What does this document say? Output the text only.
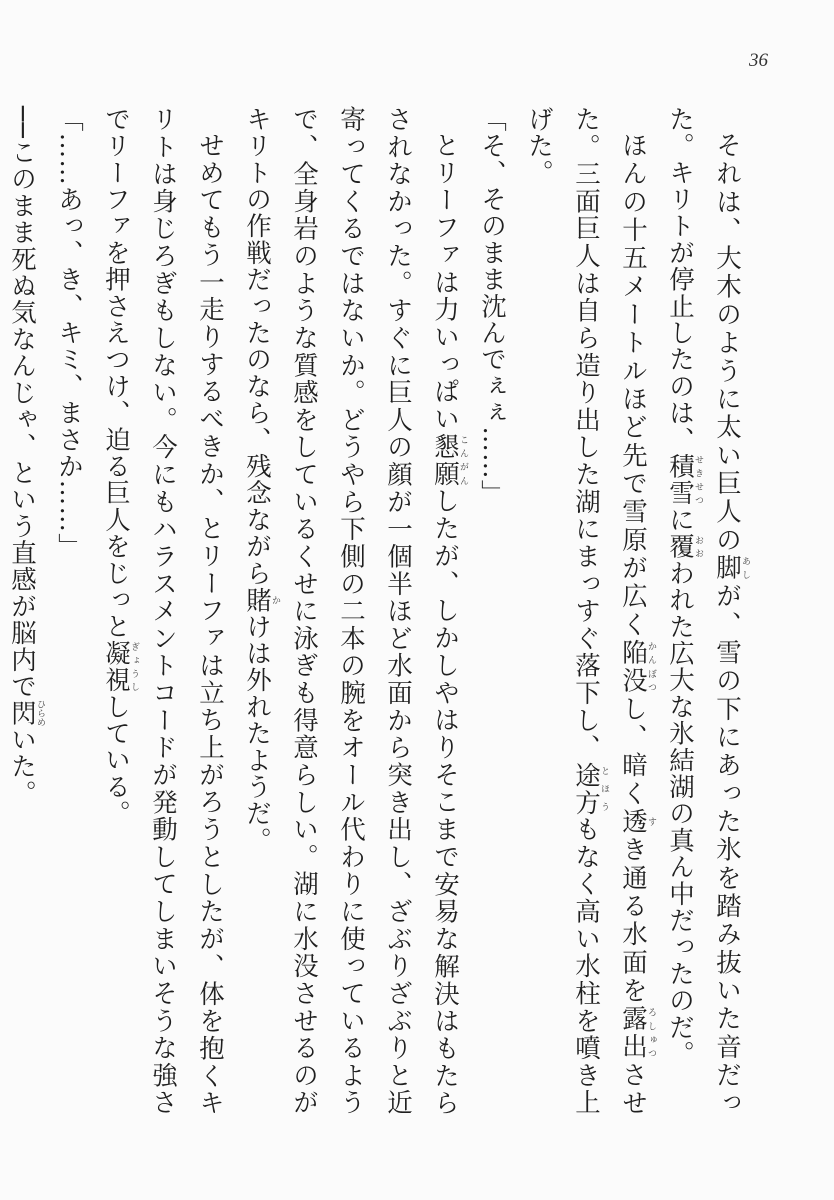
36

それは、大木のように太い巨人の脚あしが、雪の下にあった氷を踏み抜いた音だった。キリトが停止したのは、積雪せきせつに覆おおわれた広大な氷結湖の真ん中だったのだ。

ほんの十五メートルほど先で雪原が広く陥没かんぼつし、暗く透すき通る水面を露出ろしゅつさせた。三面巨人は自ら造り出した湖にまっすぐ落下し、途方とほうもなく高い水柱を噴き上げた。

「そ、そのまま沈んでぇぇ……」

とリーファは力いっぱい懇願こんがんしたが、しかしやはりそこまで安易な解決はもたらされなかった。すぐに巨人の顔が一個半ほど水面から突き出し、ざぶりざぶりと近寄ってくるではないか。どうやら下側の二本の腕をオール代わりに使っているようで、全身岩のような質感をしているくせに泳ぎも得意らしい。湖に水没させるのがキリトの作戦だったのなら、残念ながら賭かけは外れたようだ。

せめてもう一走りするべきか、とリーファは立ち上がろうとしたが、体を抱くキリトは身じろぎもしない。今にもハラスメントコードが発動してしまいそうな強さでリーファを押さえつけ、迫る巨人をじっと凝視ぎょうししている。

「……あっ、き、キミ、まさか……」

──このまま死ぬ気なんじゃ、という直感が脳内で閃ひらめいた。
